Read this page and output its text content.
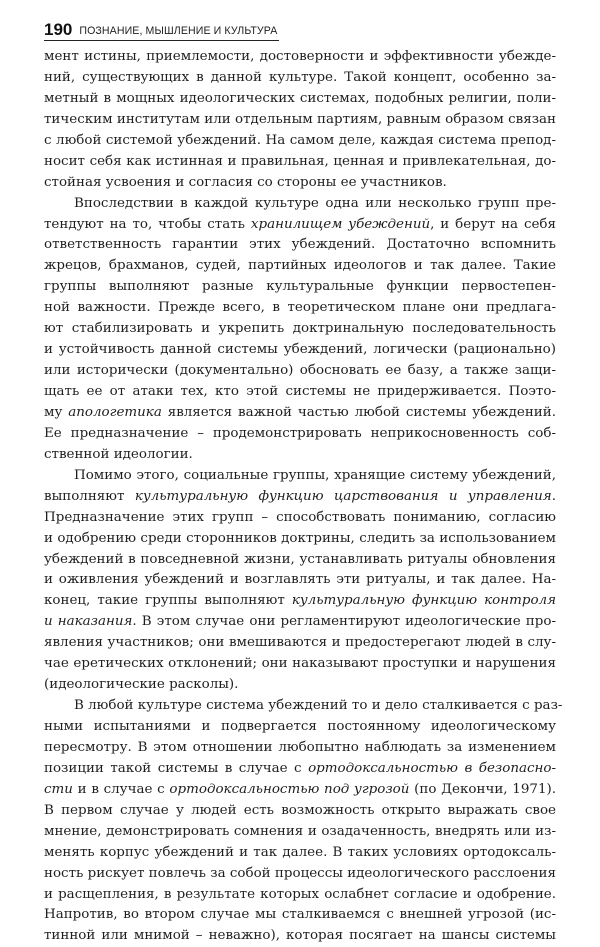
190 ПОЗНАНИЕ, МЫШЛЕНИЕ И КУЛЬТУРА
мент истины, приемлемости, достоверности и эффективности убежде-
ний, существующих в данной культуре. Такой концепт, особенно за-
метный в мощных идеологических системах, подобных религии, поли-
тическим институтам или отдельным партиям, равным образом связан
с любой системой убеждений. На самом деле, каждая система препод-
носит себя как истинная и правильная, ценная и привлекательная, до-
стойная усвоения и согласия со стороны ее участников.
Впоследствии в каждой культуре одна или несколько групп пре-
тендуют на то, чтобы стать хранилищем убеждений, и берут на себя
ответственность гарантии этих убеждений. Достаточно вспомнить
жрецов, брахманов, судей, партийных идеологов и так далее. Такие
группы выполняют разные культуральные функции первостепен-
ной важности. Прежде всего, в теоретическом плане они предлага-
ют стабилизировать и укрепить доктринальную последовательность
и устойчивость данной системы убеждений, логически (рационально)
или исторически (документально) обосновать ее базу, а также защи-
щать ее от атаки тех, кто этой системы не придерживается. Поэто-
му апологетика является важной частью любой системы убеждений.
Ее предназначение – продемонстрировать неприкосновенность соб-
ственной идеологии.
Помимо этого, социальные группы, хранящие систему убеждений,
выполняют культуральную функцию царствования и управления.
Предназначение этих групп – способствовать пониманию, согласию
и одобрению среди сторонников доктрины, следить за использованием
убеждений в повседневной жизни, устанавливать ритуалы обновления
и оживления убеждений и возглавлять эти ритуалы, и так далее. На-
конец, такие группы выполняют культуральную функцию контроля
и наказания. В этом случае они регламентируют идеологические про-
явления участников; они вмешиваются и предостерегают людей в слу-
чае еретических отклонений; они наказывают проступки и нарушения
(идеологические расколы).
В любой культуре система убеждений то и дело сталкивается с раз-
ными испытаниями и подвергается постоянному идеологическому
пересмотру. В этом отношении любопытно наблюдать за изменением
позиции такой системы в случае с ортодоксальностью в безопасно-
сти и в случае с ортодоксальностью под угрозой (по Декончи, 1971).
В первом случае у людей есть возможность открыто выражать свое
мнение, демонстрировать сомнения и озадаченность, внедрять или из-
менять корпус убеждений и так далее. В таких условиях ортодоксаль-
ность рискует повлечь за собой процессы идеологического расслоения
и расщепления, в результате которых ослабнет согласие и одобрение.
Напротив, во втором случае мы сталкиваемся с внешней угрозой (ис-
тинной или мнимой – неважно), которая посягает на шансы системы
